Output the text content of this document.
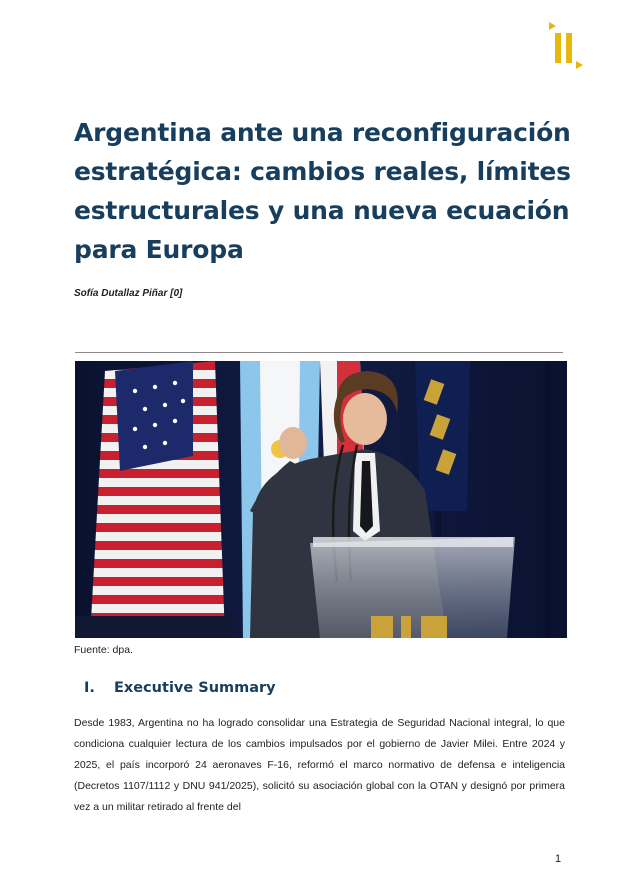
Argentina ante una reconfiguración estratégica: cambios reales, límites estructurales y una nueva ecuación para Europa

Sofía Dutallaz Piñar [0]

Fuente: dpa.

I. Executive Summary

Desde 1983, Argentina no ha logrado consolidar una Estrategia de Seguridad Nacional integral, lo que condiciona cualquier lectura de los cambios impulsados por el gobierno de Javier Milei. Entre 2024 y 2025, el país incorporó 24 aeronaves F-16, reformó el marco normativo de defensa e inteligencia (Decretos 1107/1112 y DNU 941/2025), solicitó su asociación global con la OTAN y designó por primera vez a un militar retirado al frente del

1
